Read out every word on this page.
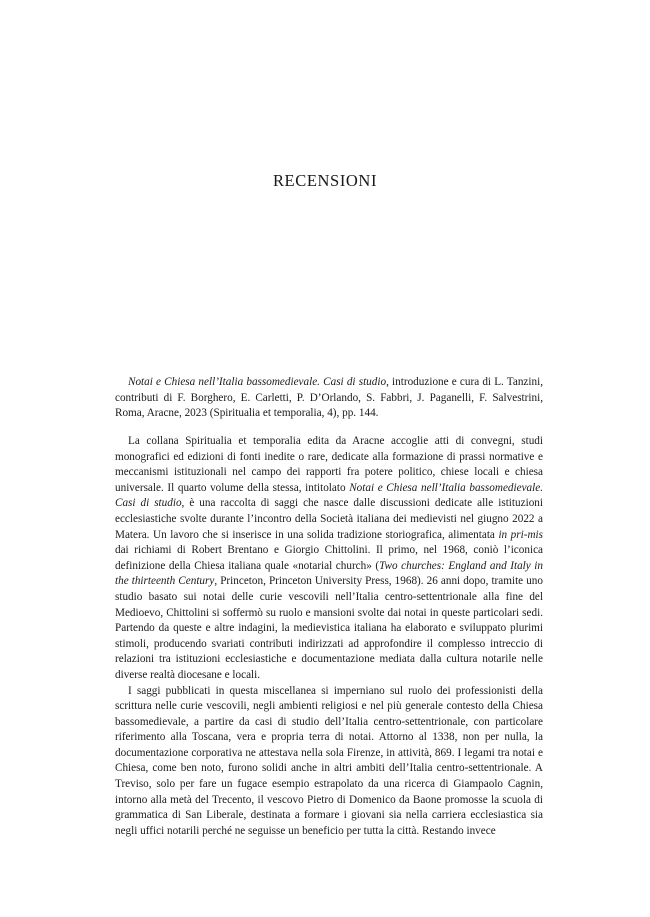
RECENSIONI

Notai e Chiesa nell’Italia bassomedievale. Casi di studio, introduzione e cura di L. Tanzini, contributi di F. Borghero, E. Carletti, P. D’Orlando, S. Fabbri, J. Paganelli, F. Salvestrini, Roma, Aracne, 2023 (Spiritualia et temporalia, 4), pp. 144.

La collana Spiritualia et temporalia edita da Aracne accoglie atti di convegni, studi monografici ed edizioni di fonti inedite o rare, dedicate alla formazione di prassi normative e meccanismi istituzionali nel campo dei rapporti fra potere politico, chiese locali e chiesa universale. Il quarto volume della stessa, intitolato Notai e Chiesa nell’Italia bassomedievale. Casi di studio, è una raccolta di saggi che nasce dalle discussioni dedicate alle istituzioni ecclesiastiche svolte durante l’incontro della Società italiana dei medievisti nel giugno 2022 a Matera. Un lavoro che si inserisce in una solida tradizione storiografica, alimentata in pri-mis dai richiami di Robert Brentano e Giorgio Chittolini. Il primo, nel 1968, coniò l’iconica definizione della Chiesa italiana quale «notarial church» (Two churches: England and Italy in the thirteenth Century, Princeton, Princeton University Press, 1968). 26 anni dopo, tramite uno studio basato sui notai delle curie vescovili nell’Italia centro-settentrionale alla fine del Medioevo, Chittolini si soffermò su ruolo e mansioni svolte dai notai in queste particolari sedi. Partendo da queste e altre indagini, la medievistica italiana ha elaborato e sviluppato plurimi stimoli, producendo svariati contributi indirizzati ad approfondire il complesso intreccio di relazioni tra istituzioni ecclesiastiche e documentazione mediata dalla cultura notarile nelle diverse realtà diocesane e locali.

I saggi pubblicati in questa miscellanea si imperniano sul ruolo dei professionisti della scrittura nelle curie vescovili, negli ambienti religiosi e nel più generale contesto della Chiesa bassomedievale, a partire da casi di studio dell’Italia centro-settentrionale, con particolare riferimento alla Toscana, vera e propria terra di notai. Attorno al 1338, non per nulla, la documentazione corporativa ne attestava nella sola Firenze, in attività, 869. I legami tra notai e Chiesa, come ben noto, furono solidi anche in altri ambiti dell’Italia centro-settentrionale. A Treviso, solo per fare un fugace esempio estrapolato da una ricerca di Giampaolo Cagnin, intorno alla metà del Trecento, il vescovo Pietro di Domenico da Baone promosse la scuola di grammatica di San Liberale, destinata a formare i giovani sia nella carriera ecclesiastica sia negli uffici notarili perché ne seguisse un beneficio per tutta la città. Restando invece
